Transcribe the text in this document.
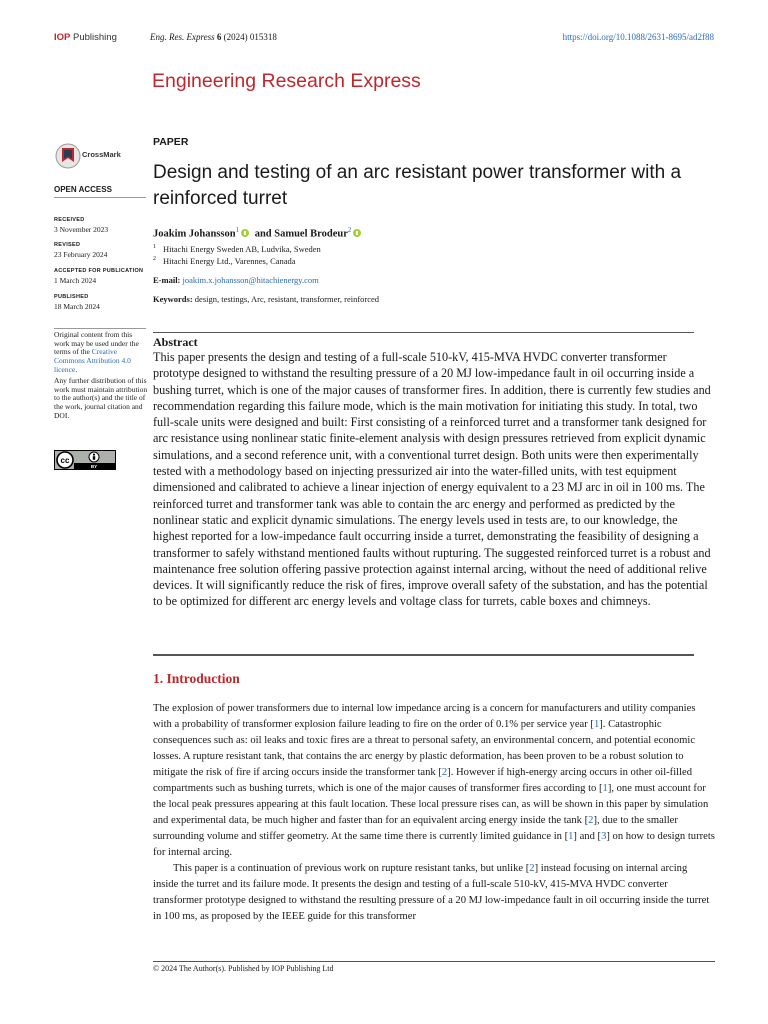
IOP Publishing	Eng. Res. Express 6 (2024) 015318	https://doi.org/10.1088/2631-8695/ad2f88
Engineering Research Express
CrossMark
OPEN ACCESS
RECEIVED
3 November 2023
REVISED
23 February 2024
ACCEPTED FOR PUBLICATION
1 March 2024
PUBLISHED
18 March 2024

Original content from this work may be used under the terms of the Creative Commons Attribution 4.0 licence.

Any further distribution of this work must maintain attribution to the author(s) and the title of the work, journal citation and DOI.

cc
BY
PAPER
Design and testing of an arc resistant power transformer with a reinforced turret
Joakim Johansson$^1$ and Samuel Brodeur$^2$
$^1$ Hitachi Energy Sweden AB, Ludvika, Sweden
$^2$ Hitachi Energy Ltd., Varennes, Canada
E-mail: joakim.x.johansson@hitachienergy.com
Keywords: design, testings, Arc, resistant, transformer, reinforced
Abstract

This paper presents the design and testing of a full-scale 510-kV, 415-MVA HVDC converter transformer prototype designed to withstand the resulting pressure of a 20 MJ low-impedance fault in oil occurring inside a bushing turret, which is one of the major causes of transformer fires. In addition, there is currently few studies and recommendation regarding this failure mode, which is the main motivation for initiating this study. In total, two full-scale units were designed and built: First consisting of a reinforced turret and a transformer tank designed for arc resistance using nonlinear static finite-element analysis with design pressures retrieved from explicit dynamic simulations, and a second reference unit, with a conventional turret design. Both units were then experimentally tested with a methodology based on injecting pressurized air into the water-filled units, with test equipment dimensioned and calibrated to achieve a linear injection of energy equivalent to a 23 MJ arc in oil in 100 ms. The reinforced turret and transformer tank was able to contain the arc energy and performed as predicted by the nonlinear static and explicit dynamic simulations. The energy levels used in tests are, to our knowledge, the highest reported for a low-impedance fault occurring inside a turret, demonstrating the feasibility of designing a transformer to safely withstand mentioned faults without rupturing. The suggested reinforced turret is a robust and maintenance free solution offering passive protection against internal arcing, without the need of additional relive devices. It will significantly reduce the risk of fires, improve overall safety of the substation, and has the potential to be optimized for different arc energy levels and voltage class for turrets, cable boxes and chimneys.

1. Introduction

The explosion of power transformers due to internal low impedance arcing is a concern for manufacturers and utility companies with a probability of transformer explosion failure leading to fire on the order of 0.1% per service year [1]. Catastrophic consequences such as: oil leaks and toxic fires are a threat to personal safety, an environmental concern, and potential economic losses. A rupture resistant tank, that contains the arc energy by plastic deformation, has been proven to be a robust solution to mitigate the risk of fire if arcing occurs inside the transformer tank [2]. However if high-energy arcing occurs in other oil-filled compartments such as bushing turrets, which is one of the major causes of transformer fires according to [1], one must account for the local peak pressures appearing at this fault location. These local pressure rises can, as will be shown in this paper by simulation and experimental data, be much higher and faster than for an equivalent arcing energy inside the tank [2], due to the smaller surrounding volume and stiffer geometry. At the same time there is currently limited guidance in [1] and [3] on how to design turrets for internal arcing.

This paper is a continuation of previous work on rupture resistant tanks, but unlike [2] instead focusing on internal arcing inside the turret and its failure mode. It presents the design and testing of a full-scale 510-kV, 415-MVA HVDC converter transformer prototype designed to withstand the resulting pressure of a 20 MJ low-impedance fault in oil occurring inside the turret in 100 ms, as proposed by the IEEE guide for this transformer

© 2024 The Author(s). Published by IOP Publishing Ltd
